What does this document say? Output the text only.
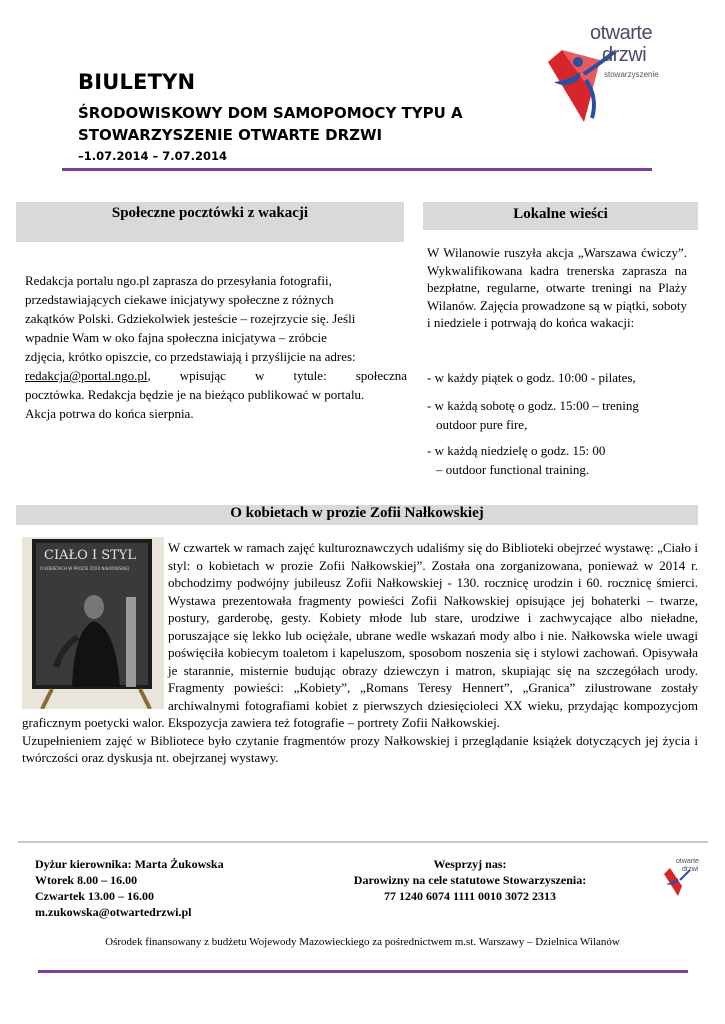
BIULETYN
ŚRODOWISKOWY DOM SAMOPOMOCY TYPU A
STOWARZYSZENIE OTWARTE DRZWI
–1.07.2014 – 7.07.2014
otwarte
drzwi
stowarzyszenie
Społeczne pocztówki z wakacji

Redakcja portalu ngo.pl zaprasza do przesyłania fotografii,

przedstawiających ciekawe inicjatywy społeczne z różnych

zakątków Polski. Gdziekolwiek jesteście – rozejrzycie się. Jeśli

wpadnie Wam w oko fajna społeczna inicjatywa – zróbcie

zdjęcia, krótko opiszcie, co przedstawiają i przyślijcie na adres:

redakcja@portal.ngo.pl, wpisując w tytule: społeczna

pocztówka. Redakcja będzie je na bieżąco publikować w portalu.

Akcja potrwa do końca sierpnia.

Lokalne wieści
W Wilanowie ruszyła akcja „Warszawa ćwiczy”. Wykwalifikowana kadra trenerska zaprasza na bezpłatne, regularne, otwarte treningi na Plaży Wilanów. Zajęcia prowadzone są w piątki, soboty i niedziele i potrwają do końca wakacji:
- w każdy piątek o godz. 10:00 - pilates,
- w każdą sobotę o godz. 15:00 – trening
outdoor pure fire,
- w każdą niedzielę o godz. 15: 00
– outdoor functional training.
O kobietach w prozie Zofii Nałkowskiej
CIAŁO I STYL
O KOBIETACH W PROZIE ZOFII NAŁKOWSKIEJ

W czwartek w ramach zajęć kulturoznawczych udaliśmy się do Biblioteki obejrzeć wystawę: „Ciało i styl: o kobietach w prozie Zofii Nałkowskiej”. Została ona zorganizowana, ponieważ w 2014 r. obchodzimy podwójny jubileusz Zofii Nałkowskiej - 130. rocznicę urodzin i 60. rocznicę śmierci. Wystawa prezentowała fragmenty powieści Zofii Nałkowskiej opisujące jej bohaterki – twarze, postury, garderobę, gesty. Kobiety młode lub stare, urodziwe i zachwycające albo nieładne, poruszające się lekko lub ociężale, ubrane wedle wskazań mody albo i nie. Nałkowska wiele uwagi poświęciła kobiecym toaletom i kapeluszom, sposobom noszenia się i stylowi zachowań. Opisywała je starannie, misternie budując obrazy dziewczyn i matron, skupiając się na szczegółach urody. Fragmenty powieści: „Kobiety”, „Romans Teresy Hennert”, „Granica” zilustrowane zostały archiwalnymi fotografiami kobiet z pierwszych dziesięcioleci XX wieku, przydając kompozycjom graficznym poetycki walor. Ekspozycja zawiera też fotografie – portrety Zofii Nałkowskiej.

Uzupełnieniem zajęć w Bibliotece było czytanie fragmentów prozy Nałkowskiej i przeglądanie książek dotyczących jej życia i twórczości oraz dyskusja nt. obejrzanej wystawy.

Dyżur kierownika: Marta Żukowska
Wtorek 8.00 – 16.00
Czwartek 13.00 – 16.00
m.zukowska@otwartedrzwi.pl
Wesprzyj nas:
Darowizny na cele statutowe Stowarzyszenia:
77 1240 6074 1111 0010 3072 2313
otwarte
drzwi
Ośrodek finansowany z budżetu Wojewody Mazowieckiego za pośrednictwem m.st. Warszawy – Dzielnica Wilanów
